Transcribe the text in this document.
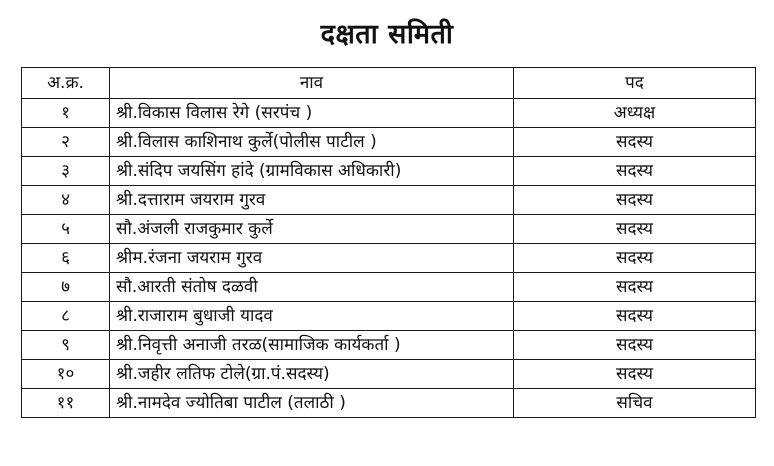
दक्षता समिती
अ.क्र.	नाव	पद
१	श्री.विकास विलास रेगे (सरपंच )	अध्यक्ष
२	श्री.विलास काशिनाथ कुर्ले(पोलीस पाटील )	सदस्य
३	श्री.संदिप जयसिंग हांदे (ग्रामविकास अधिकारी)	सदस्य
४	श्री.दत्ताराम जयराम गुरव	सदस्य
५	सौ.अंजली राजकुमार कुर्ले	सदस्य
६	श्रीम.रंजना जयराम गुरव	सदस्य
७	सौ.आरती संतोष दळवी	सदस्य
८	श्री.राजाराम बुधाजी यादव	सदस्य
९	श्री.निवृत्ती अनाजी तरळ(सामाजिक कार्यकर्ता )	सदस्य
१०	श्री.जहीर लतिफ टोले(ग्रा.पं.सदस्य)	सदस्य
११	श्री.नामदेव ज्योतिबा पाटील (तलाठी )	सचिव
